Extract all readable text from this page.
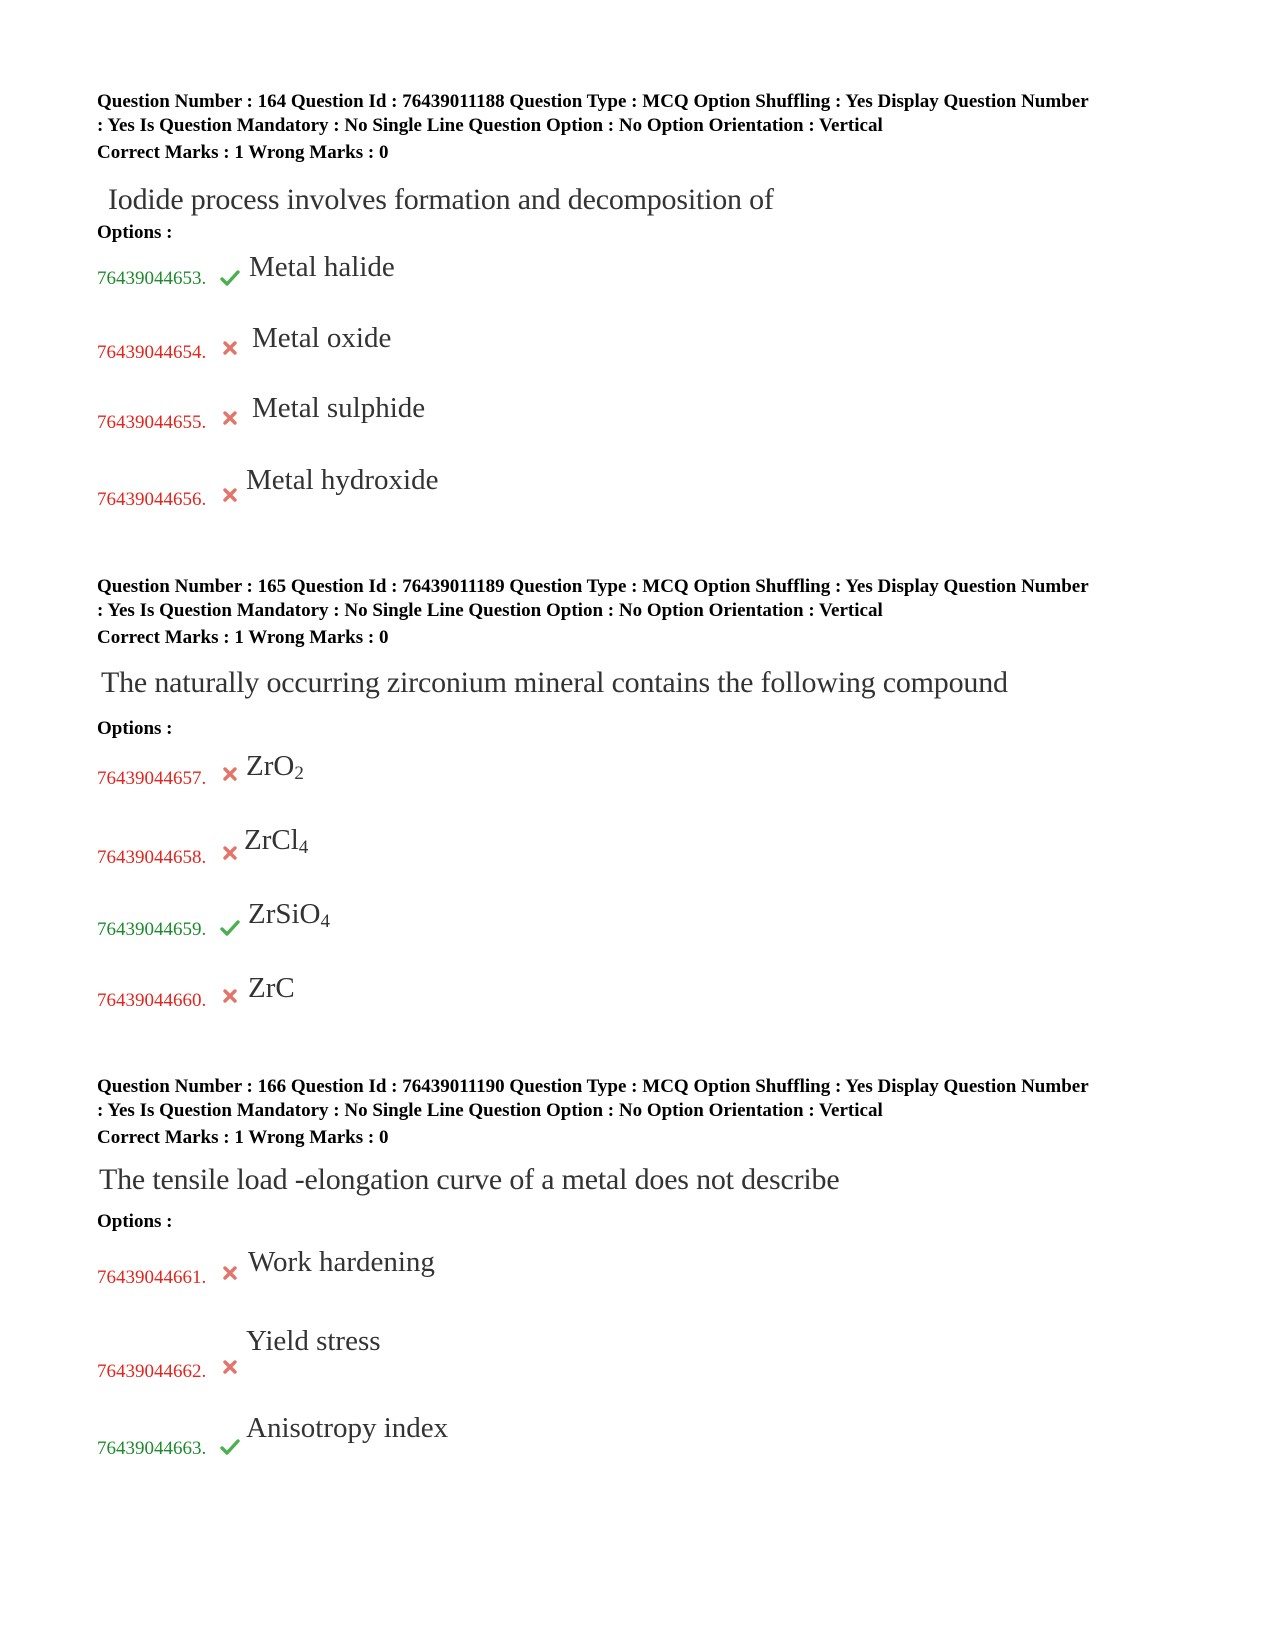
Question Number : 164 Question Id : 76439011188 Question Type : MCQ Option Shuffling : Yes Display Question Number

: Yes Is Question Mandatory : No Single Line Question Option : No Option Orientation : Vertical

Correct Marks : 1 Wrong Marks : 0

Iodide process involves formation and decomposition of
Options :
76439044653. Metal halide
76439044654. Metal oxide
76439044655. Metal sulphide
76439044656.
Metal hydroxide

Question Number : 165 Question Id : 76439011189 Question Type : MCQ Option Shuffling : Yes Display Question Number

: Yes Is Question Mandatory : No Single Line Question Option : No Option Orientation : Vertical

Correct Marks : 1 Wrong Marks : 0

The naturally occurring zirconium mineral contains the following compound
Options :
76439044657. ZrO$_2$
76439044658.
ZrCl$_4$
76439044659. ZrSiO$_4$
76439044660. ZrC

Question Number : 166 Question Id : 76439011190 Question Type : MCQ Option Shuffling : Yes Display Question Number

: Yes Is Question Mandatory : No Single Line Question Option : No Option Orientation : Vertical

Correct Marks : 1 Wrong Marks : 0

The tensile load -elongation curve of a metal does not describe
Options :
76439044661. Work hardening
76439044662.
Yield stress
76439044663.
Anisotropy index
